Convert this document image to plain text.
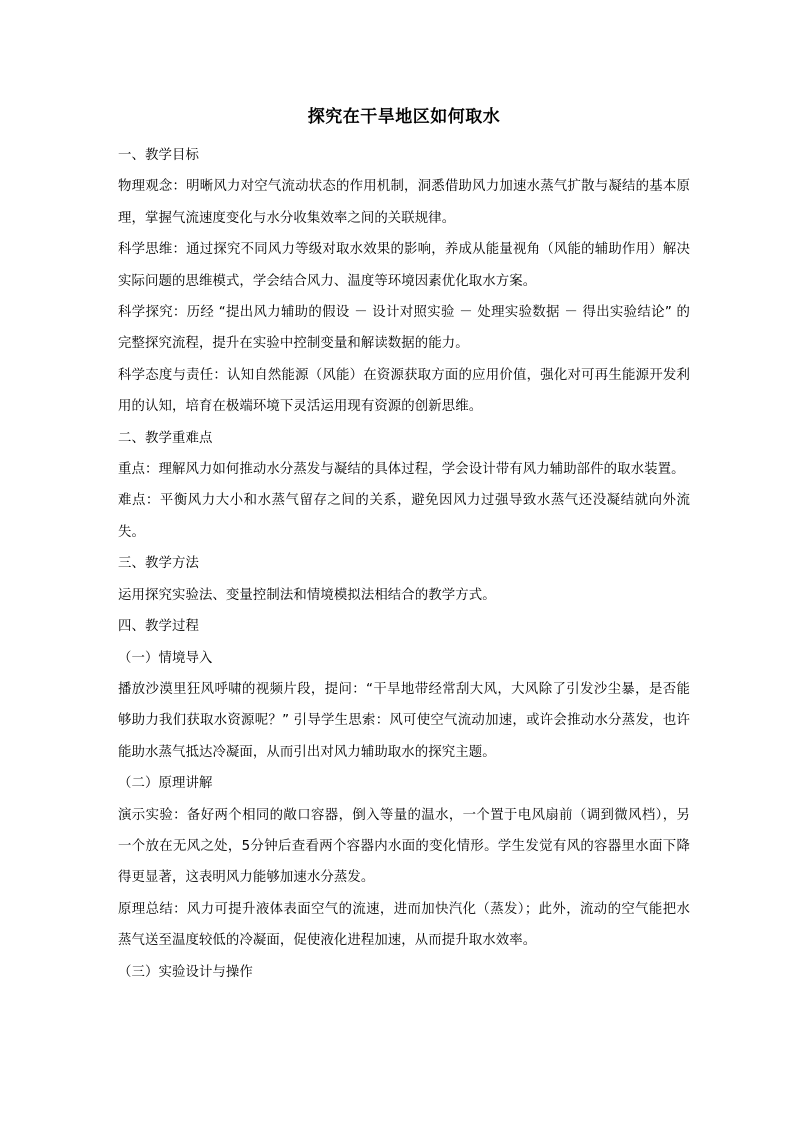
探究在干旱地区如何取水

一、教学目标

物理观念：明晰风力对空气流动状态的作用机制，洞悉借助风力加速水蒸气扩散与凝结的基本原理，掌握气流速度变化与水分收集效率之间的关联规律。

科学思维：通过探究不同风力等级对取水效果的影响，养成从能量视角（风能的辅助作用）解决实际问题的思维模式，学会结合风力、温度等环境因素优化取水方案。

科学探究：历经 “提出风力辅助的假设 － 设计对照实验 － 处理实验数据 － 得出实验结论” 的完整探究流程，提升在实验中控制变量和解读数据的能力。

科学态度与责任：认知自然能源（风能）在资源获取方面的应用价值，强化对可再生能源开发利用的认知，培育在极端环境下灵活运用现有资源的创新思维。

二、教学重难点

重点：理解风力如何推动水分蒸发与凝结的具体过程，学会设计带有风力辅助部件的取水装置。

难点：平衡风力大小和水蒸气留存之间的关系，避免因风力过强导致水蒸气还没凝结就向外流失。

三、教学方法

运用探究实验法、变量控制法和情境模拟法相结合的教学方式。

四、教学过程

（一）情境导入

播放沙漠里狂风呼啸的视频片段，提问：“干旱地带经常刮大风，大风除了引发沙尘暴，是否能够助力我们获取水资源呢？” 引导学生思索：风可使空气流动加速，或许会推动水分蒸发，也许能助水蒸气抵达冷凝面，从而引出对风力辅助取水的探究主题。

（二）原理讲解

演示实验：备好两个相同的敞口容器，倒入等量的温水，一个置于电风扇前（调到微风档），另一个放在无风之处，5分钟后查看两个容器内水面的变化情形。学生发觉有风的容器里水面下降得更显著，这表明风力能够加速水分蒸发。

原理总结：风力可提升液体表面空气的流速，进而加快汽化（蒸发）；此外，流动的空气能把水蒸气送至温度较低的冷凝面，促使液化进程加速，从而提升取水效率。

（三）实验设计与操作
